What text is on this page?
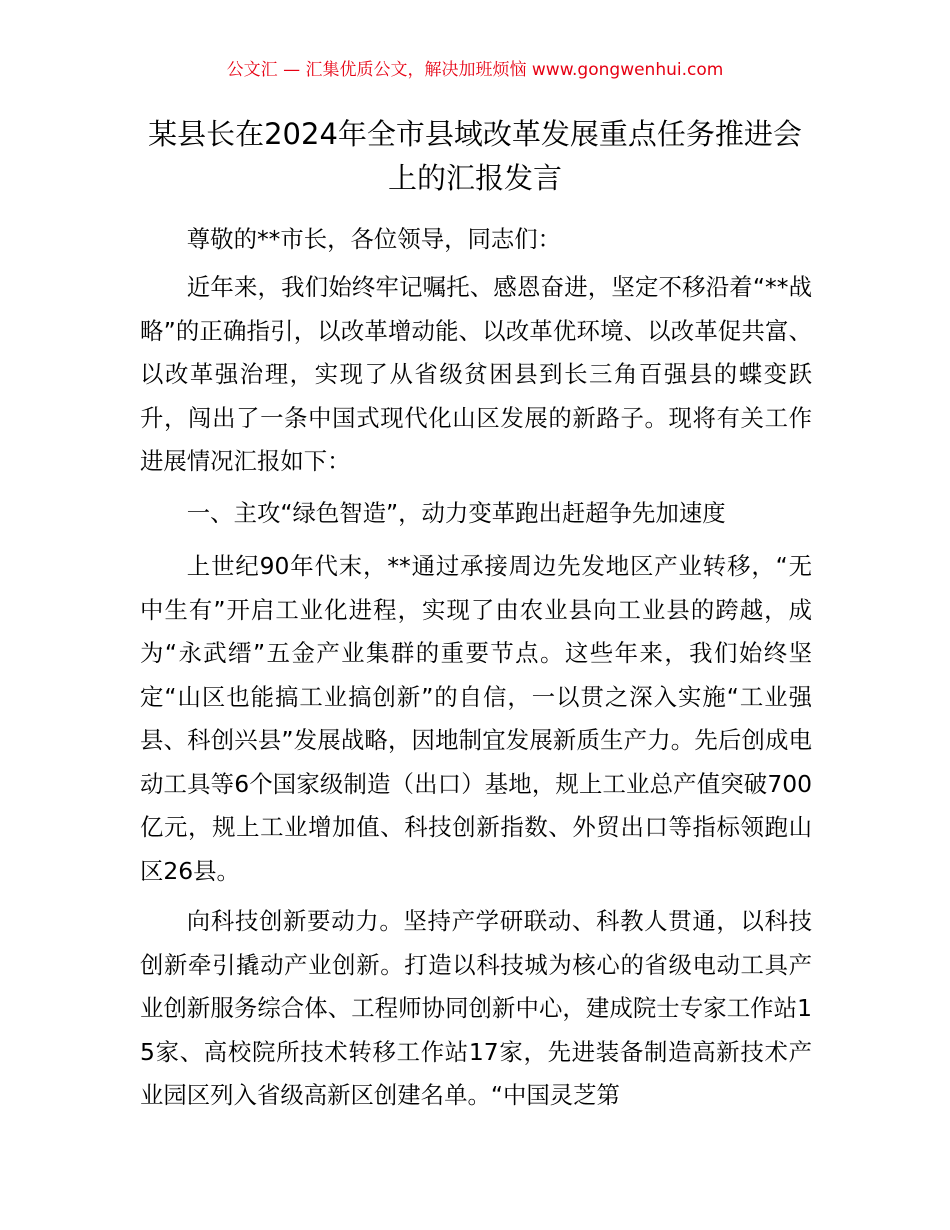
公文汇 — 汇集优质公文，解决加班烦恼 www.gongwenhui.com
某县长在2024年全市县域改革发展重点任务推进会上的汇报发言

尊敬的**市长，各位领导，同志们：

近年来，我们始终牢记嘱托、感恩奋进，坚定不移沿着“**战略”的正确指引，以改革增动能、以改革优环境、以改革促共富、以改革强治理，实现了从省级贫困县到长三角百强县的蝶变跃升，闯出了一条中国式现代化山区发展的新路子。现将有关工作进展情况汇报如下：

一、主攻“绿色智造”，动力变革跑出赶超争先加速度

上世纪90年代末，**通过承接周边先发地区产业转移，“无中生有”开启工业化进程，实现了由农业县向工业县的跨越，成为“永武缙”五金产业集群的重要节点。这些年来，我们始终坚定“山区也能搞工业搞创新”的自信，一以贯之深入实施“工业强县、科创兴县”发展战略，因地制宜发展新质生产力。先后创成电动工具等6个国家级制造（出口）基地，规上工业总产值突破700亿元，规上工业增加值、科技创新指数、外贸出口等指标领跑山区26县。

向科技创新要动力。坚持产学研联动、科教人贯通，以科技创新牵引撬动产业创新。打造以科技城为核心的省级电动工具产业创新服务综合体、工程师协同创新中心，建成院士专家工作站15家、高校院所技术转移工作站17家，先进装备制造高新技术产业园区列入省级高新区创建名单。“中国灵芝第
